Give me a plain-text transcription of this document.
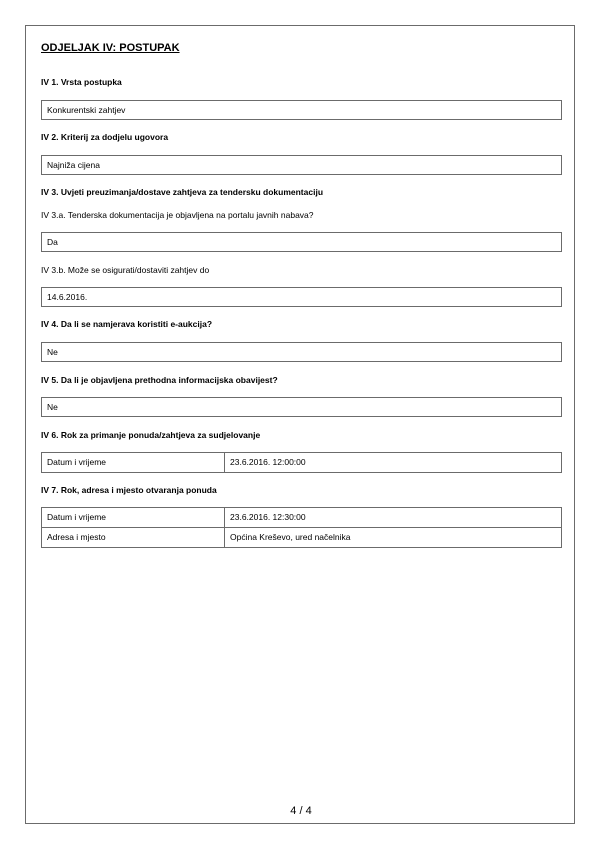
ODJELJAK IV: POSTUPAK
IV 1. Vrsta postupka
Konkurentski zahtjev
IV 2. Kriterij za dodjelu ugovora
Najniža cijena
IV 3. Uvjeti preuzimanja/dostave zahtjeva za tendersku dokumentaciju
IV 3.a. Tenderska dokumentacija je objavljena na portalu javnih nabava?
Da
IV 3.b. Može se osigurati/dostaviti zahtjev do
14.6.2016.
IV 4. Da li se namjerava koristiti e-aukcija?
Ne
IV 5. Da li je objavljena prethodna informacijska obavijest?
Ne
IV 6. Rok za primanje ponuda/zahtjeva za sudjelovanje
Datum i vrijeme	23.6.2016. 12:00:00
IV 7. Rok, adresa i mjesto otvaranja ponuda
Datum i vrijeme	23.6.2016. 12:30:00
Adresa i mjesto	Općina Kreševo, ured načelnika
4 / 4
